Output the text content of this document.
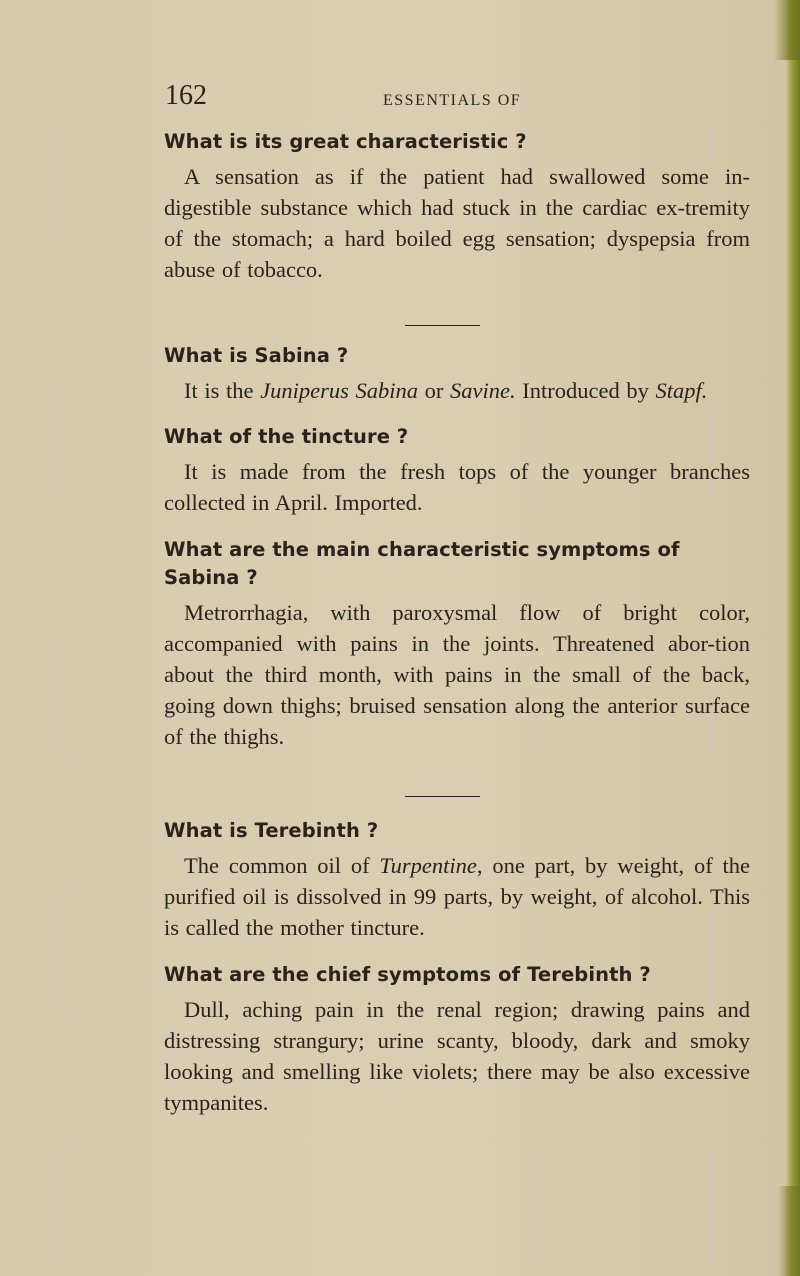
162	ESSENTIALS OF

What is its great characteristic ?

A sensation as if the patient had swallowed some in-digestible substance which had stuck in the cardiac ex-tremity of the stomach; a hard boiled egg sensation; dyspepsia from abuse of tobacco.

What is Sabina ?

It is the Juniperus Sabina or Savine. Introduced by Stapf.

What of the tincture ?

It is made from the fresh tops of the younger branches collected in April. Imported.

What are the main characteristic symptoms of Sabina ?

Metrorrhagia, with paroxysmal flow of bright color, accompanied with pains in the joints. Threatened abor-tion about the third month, with pains in the small of the back, going down thighs; bruised sensation along the anterior surface of the thighs.

What is Terebinth ?

The common oil of Turpentine, one part, by weight, of the purified oil is dissolved in 99 parts, by weight, of alcohol. This is called the mother tincture.

What are the chief symptoms of Terebinth ?

Dull, aching pain in the renal region; drawing pains and distressing strangury; urine scanty, bloody, dark and smoky looking and smelling like violets; there may be also excessive tympanites.
